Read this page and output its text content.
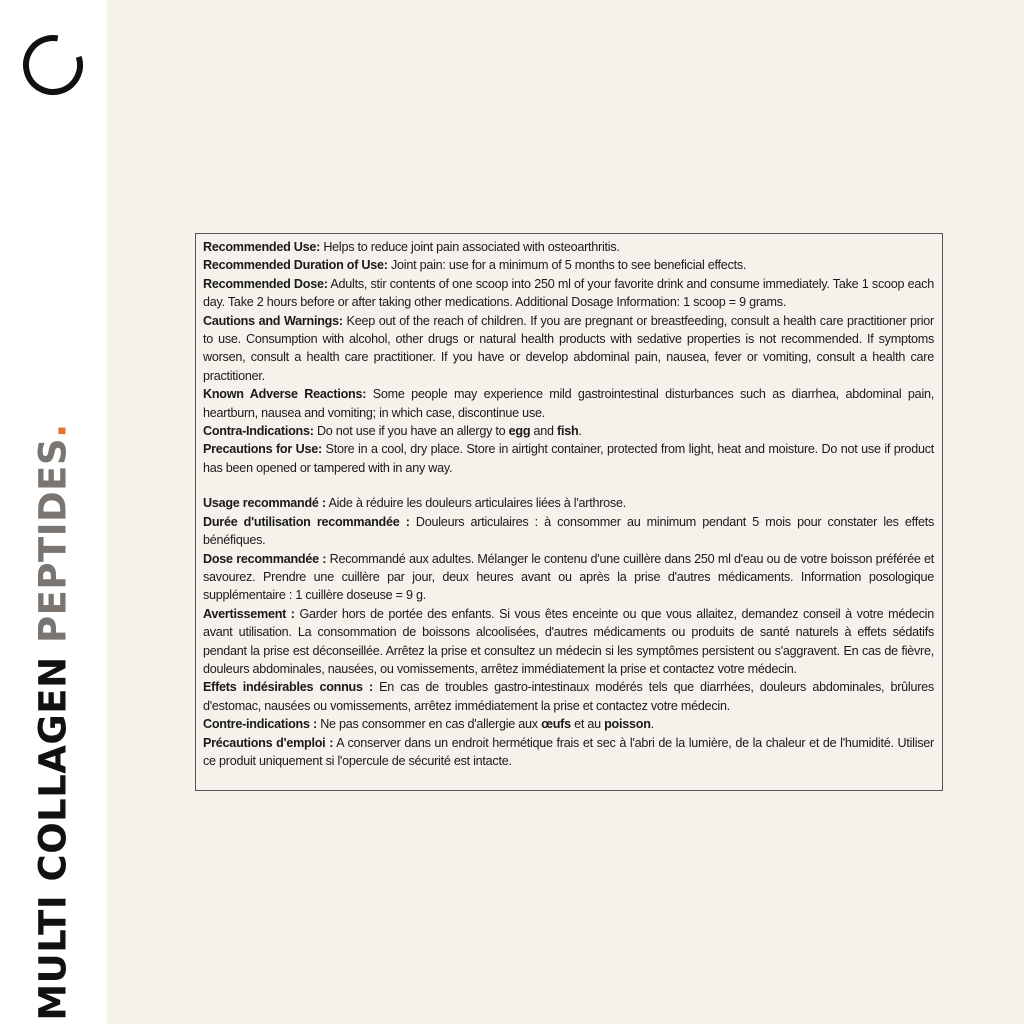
MULTI COLLAGEN PEPTIDES.

Recommended Use: Helps to reduce joint pain associated with osteoarthritis.

Recommended Duration of Use: Joint pain: use for a minimum of 5 months to see beneficial effects.

Recommended Dose: Adults, stir contents of one scoop into 250 ml of your favorite drink and consume immediately. Take 1 scoop each day. Take 2 hours before or after taking other medications. Additional Dosage Information: 1 scoop = 9 grams.

Cautions and Warnings: Keep out of the reach of children. If you are pregnant or breastfeeding, consult a health care practitioner prior to use. Consumption with alcohol, other drugs or natural health products with sedative properties is not recommended. If symptoms worsen, consult a health care practitioner. If you have or develop abdominal pain, nausea, fever or vomiting, consult a health care practitioner.

Known Adverse Reactions: Some people may experience mild gastrointestinal disturbances such as diarrhea, abdominal pain, heartburn, nausea and vomiting; in which case, discontinue use.

Contra-Indications: Do not use if you have an allergy to egg and fish.

Precautions for Use: Store in a cool, dry place. Store in airtight container, protected from light, heat and moisture. Do not use if product has been opened or tampered with in any way.

Usage recommandé : Aide à réduire les douleurs articulaires liées à l'arthrose.

Durée d'utilisation recommandée : Douleurs articulaires : à consommer au minimum pendant 5 mois pour constater les effets bénéfiques.

Dose recommandée : Recommandé aux adultes. Mélanger le contenu d'une cuillère dans 250 ml d'eau ou de votre boisson préférée et savourez. Prendre une cuillère par jour, deux heures avant ou après la prise d'autres médicaments. Information posologique supplémentaire : 1 cuillère doseuse = 9 g.

Avertissement : Garder hors de portée des enfants. Si vous êtes enceinte ou que vous allaitez, demandez conseil à votre médecin avant utilisation. La consommation de boissons alcoolisées, d'autres médicaments ou produits de santé naturels à effets sédatifs pendant la prise est déconseillée. Arrêtez la prise et consultez un médecin si les symptômes persistent ou s'aggravent. En cas de fièvre, douleurs abdominales, nausées, ou vomissements, arrêtez immédiatement la prise et contactez votre médecin.

Effets indésirables connus : En cas de troubles gastro-intestinaux modérés tels que diarrhées, douleurs abdominales, brûlures d'estomac, nausées ou vomissements, arrêtez immédiatement la prise et contactez votre médecin.

Contre-indications : Ne pas consommer en cas d'allergie aux œufs et au poisson.

Précautions d'emploi : A conserver dans un endroit hermétique frais et sec à l'abri de la lumière, de la chaleur et de l'humidité. Utiliser ce produit uniquement si l'opercule de sécurité est intacte.
